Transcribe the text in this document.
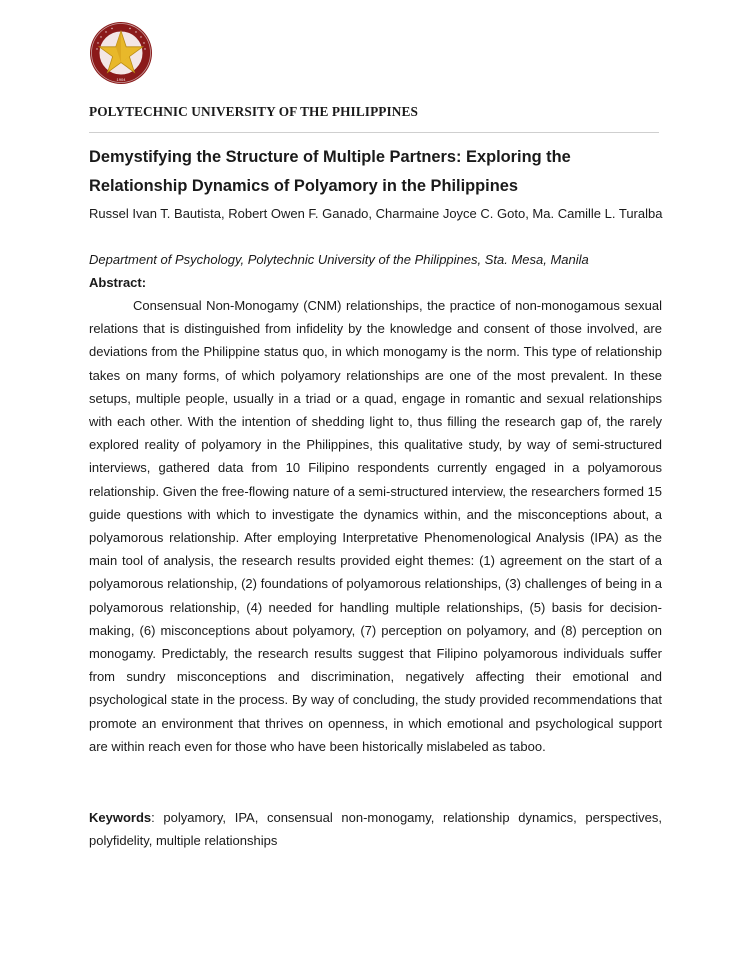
1904
POLYTECHNIC UNIVERSITY OF THE PHILIPPINES
Demystifying the Structure of Multiple Partners: Exploring the Relationship Dynamics of Polyamory in the Philippines
Russel Ivan T. Bautista, Robert Owen F. Ganado, Charmaine Joyce C. Goto, Ma. Camille L. Turalba
Department of Psychology, Polytechnic University of the Philippines, Sta. Mesa, Manila
Abstract:
Consensual Non-Monogamy (CNM) relationships, the practice of non-monogamous sexual relations that is distinguished from infidelity by the knowledge and consent of those involved, are deviations from the Philippine status quo, in which monogamy is the norm. This type of relationship takes on many forms, of which polyamory relationships are one of the most prevalent. In these setups, multiple people, usually in a triad or a quad, engage in romantic and sexual relationships with each other. With the intention of shedding light to, thus filling the research gap of, the rarely explored reality of polyamory in the Philippines, this qualitative study, by way of semi-structured interviews, gathered data from 10 Filipino respondents currently engaged in a polyamorous relationship. Given the free-flowing nature of a semi-structured interview, the researchers formed 15 guide questions with which to investigate the dynamics within, and the misconceptions about, a polyamorous relationship. After employing Interpretative Phenomenological Analysis (IPA) as the main tool of analysis, the research results provided eight themes: (1) agreement on the start of a polyamorous relationship, (2) foundations of polyamorous relationships, (3) challenges of being in a polyamorous relationship, (4) needed for handling multiple relationships, (5) basis for decision-making, (6) misconceptions about polyamory, (7) perception on polyamory, and (8) perception on monogamy. Predictably, the research results suggest that Filipino polyamorous individuals suffer from sundry misconceptions and discrimination, negatively affecting their emotional and psychological state in the process. By way of concluding, the study provided recommendations that promote an environment that thrives on openness, in which emotional and psychological support are within reach even for those who have been historically mislabeled as taboo.
Keywords: polyamory, IPA, consensual non-monogamy, relationship dynamics, perspectives, polyfidelity, multiple relationships
